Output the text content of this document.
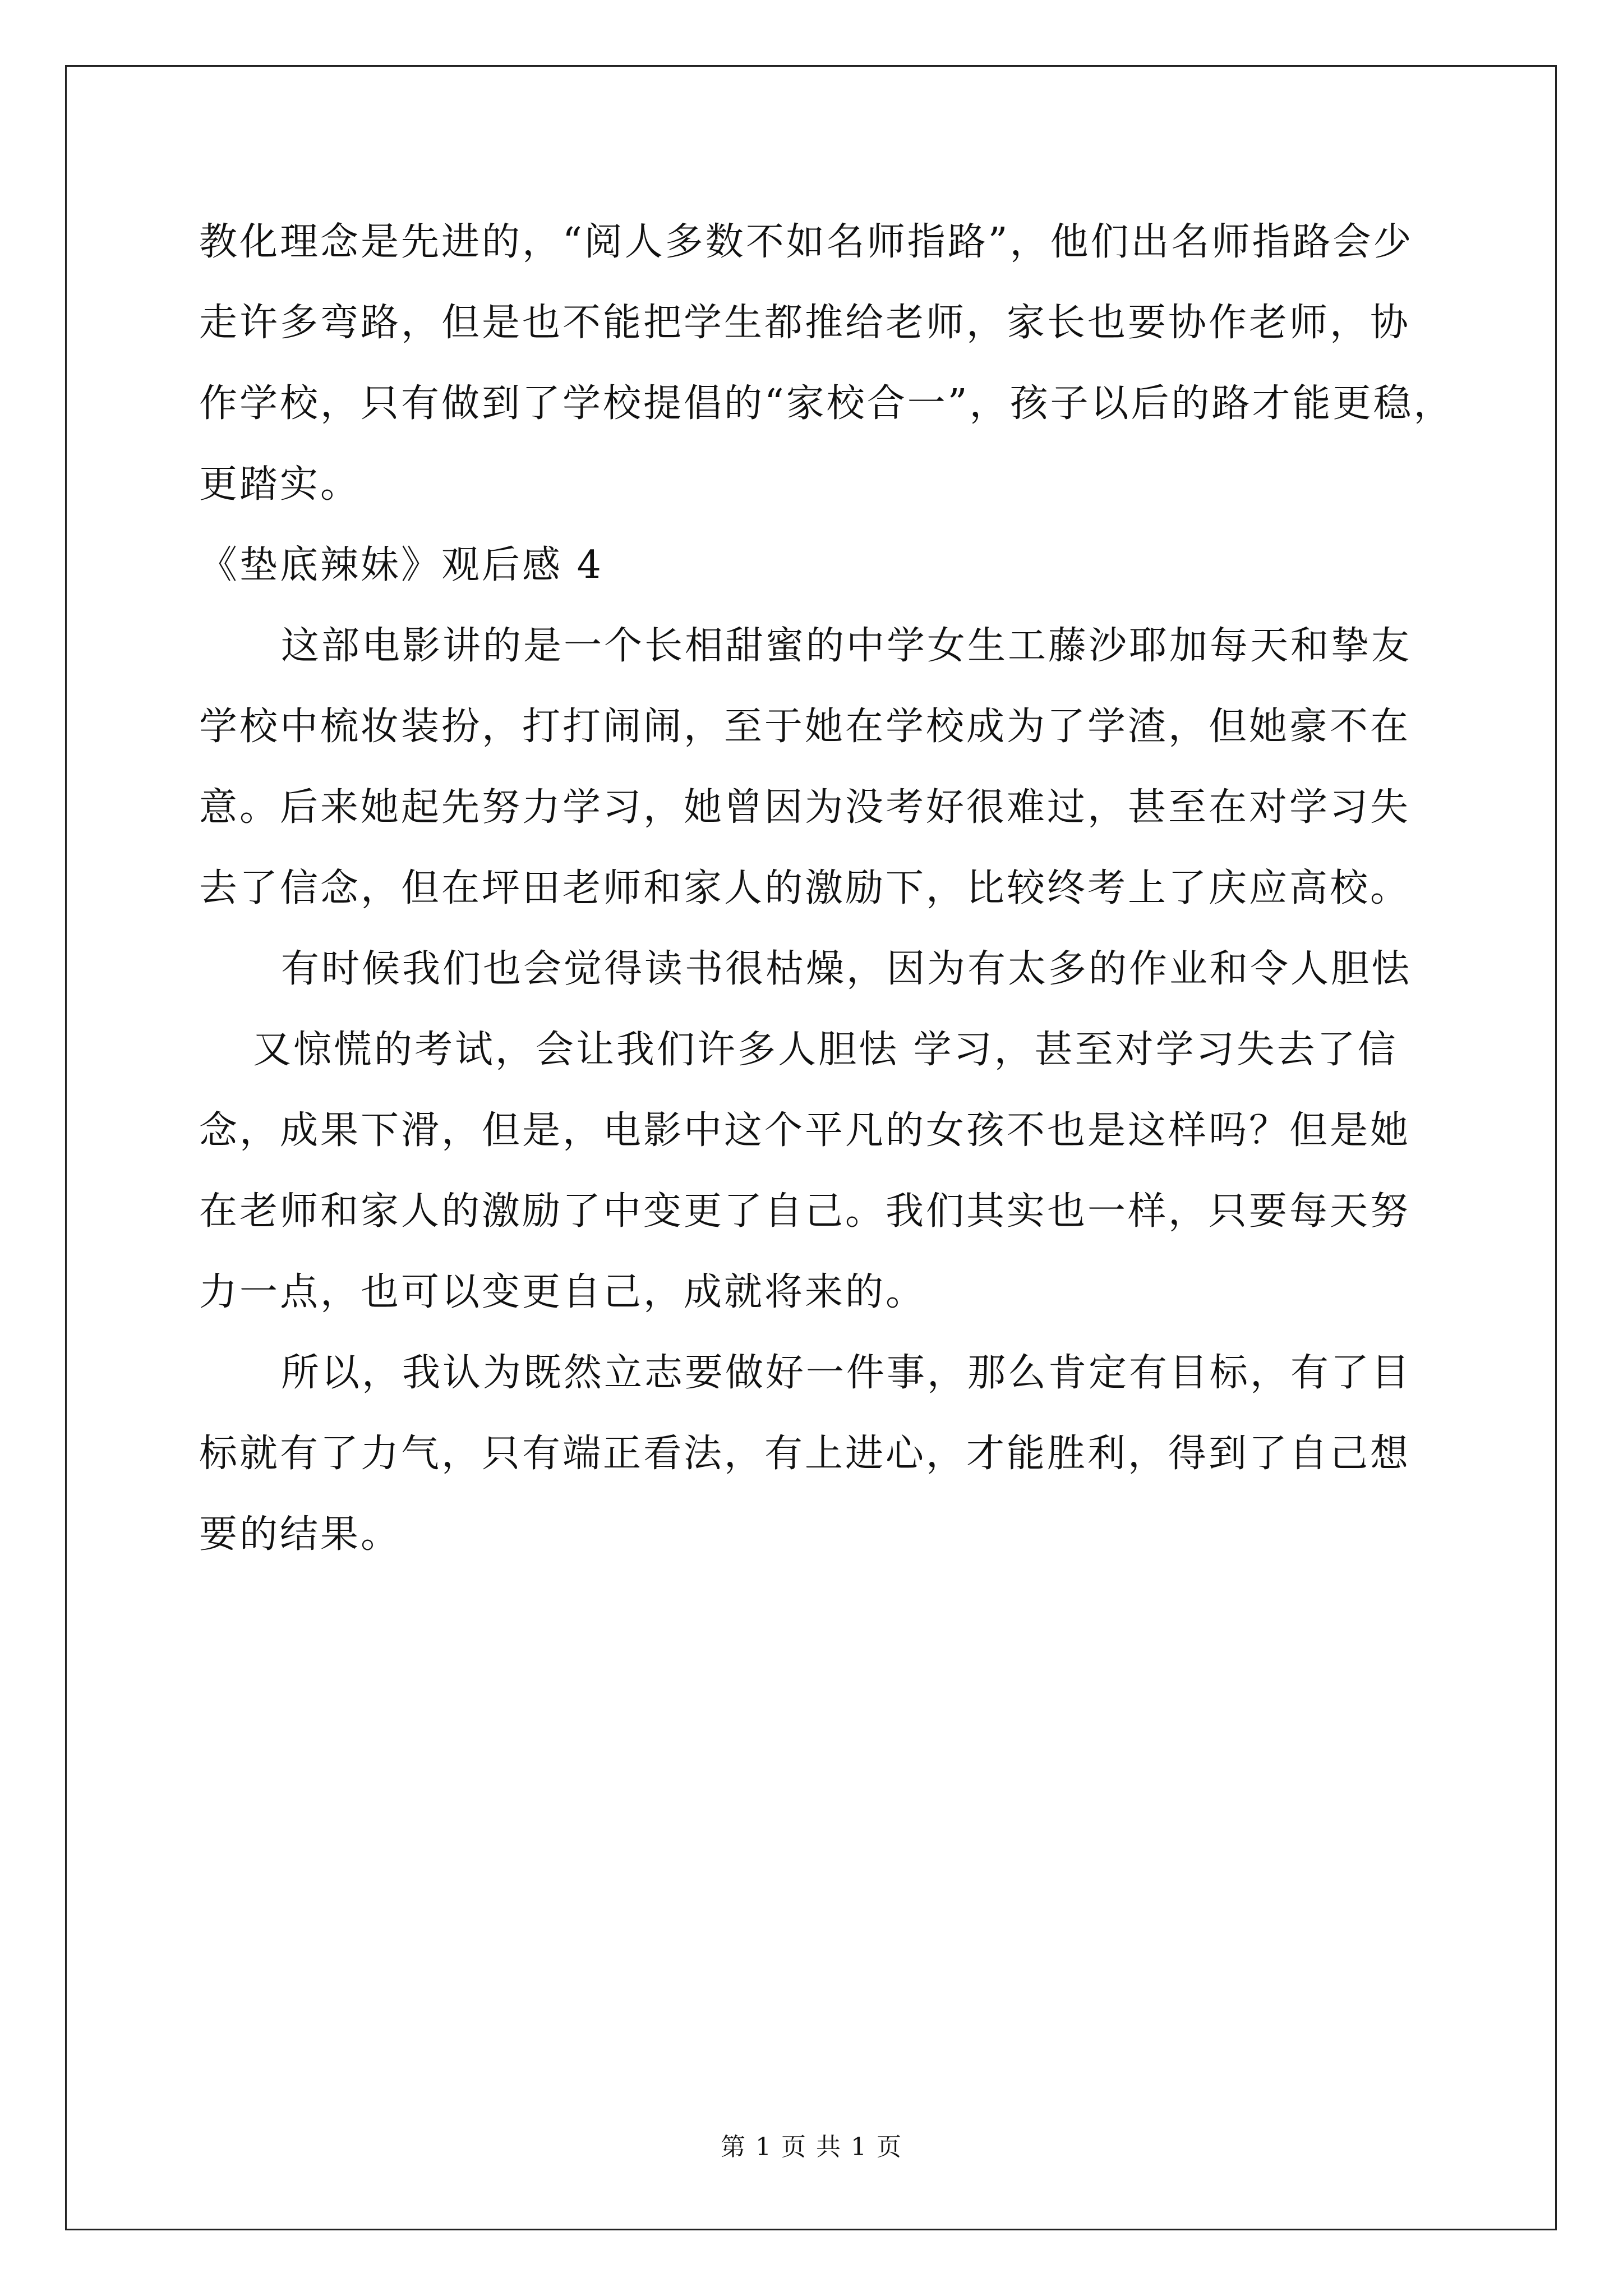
教化理念是先进的，“阅人多数不如名师指路”，他们出名师指路会少
走许多弯路，但是也不能把学生都推给老师，家长也要协作老师，协
作学校，只有做到了学校提倡的“家校合一”，孩子以后的路才能更稳，
更踏实。
《垫底辣妹》观后感 4
这部电影讲的是一个长相甜蜜的中学女生工藤沙耶加每天和挚友
学校中梳妆装扮，打打闹闹，至于她在学校成为了学渣，但她豪不在
意。后来她起先努力学习，她曾因为没考好很难过，甚至在对学习失
去了信念，但在坪田老师和家人的激励下，比较终考上了庆应高校。
有时候我们也会觉得读书很枯燥，因为有太多的作业和令人胆怯
又惊慌的考试，会让我们许多人胆怯 学习，甚至对学习失去了信
念，成果下滑，但是，电影中这个平凡的女孩不也是这样吗？但是她
在老师和家人的激励了中变更了自己。我们其实也一样，只要每天努
力一点，也可以变更自己，成就将来的。
所以，我认为既然立志要做好一件事，那么肯定有目标，有了目
标就有了力气，只有端正看法，有上进心，才能胜利，得到了自己想
要的结果。
第 1 页 共 1 页
